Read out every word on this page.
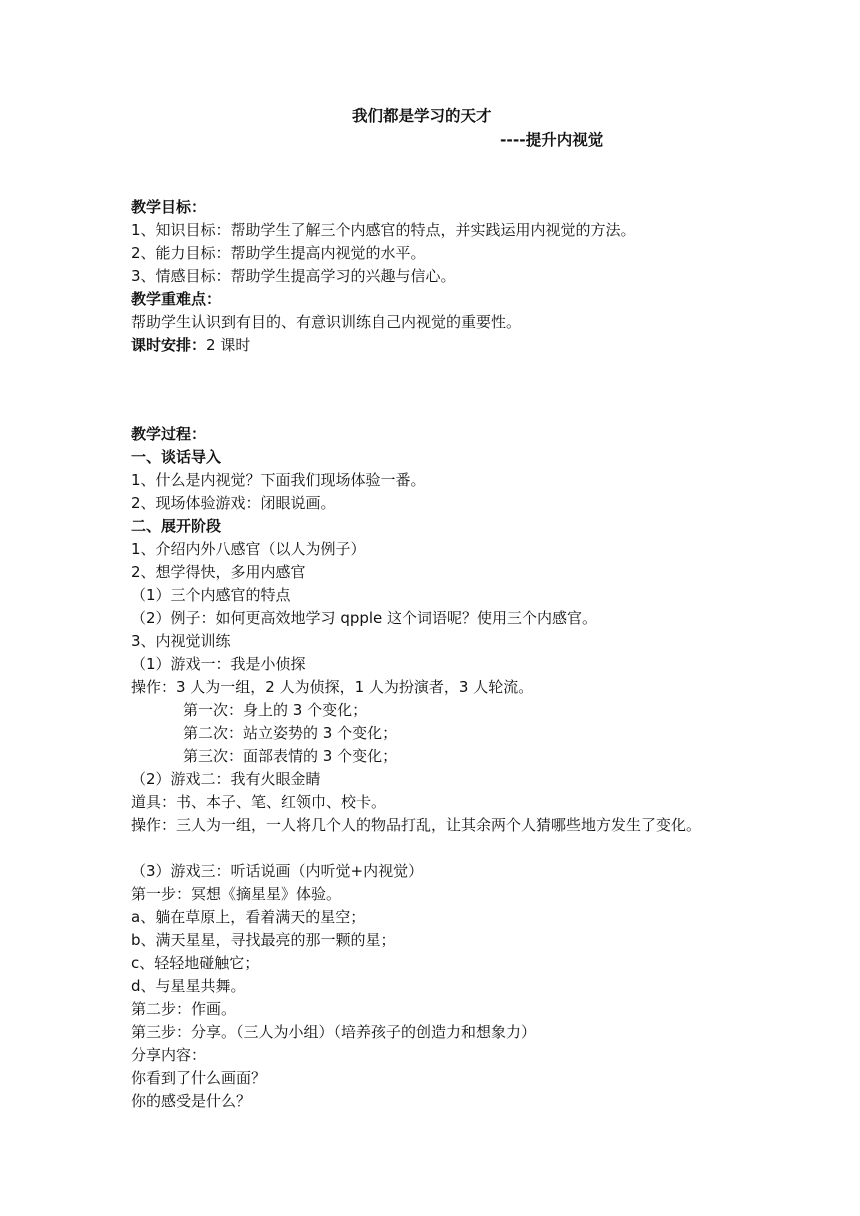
我们都是学习的天才
----提升内视觉
教学目标：
1、知识目标：帮助学生了解三个内感官的特点，并实践运用内视觉的方法。
2、能力目标：帮助学生提高内视觉的水平。
3、情感目标：帮助学生提高学习的兴趣与信心。
教学重难点：
帮助学生认识到有目的、有意识训练自己内视觉的重要性。
课时安排：2 课时
教学过程：
一、谈话导入
1、什么是内视觉？下面我们现场体验一番。
2、现场体验游戏：闭眼说画。
二、展开阶段
1、介绍内外八感官（以人为例子）
2、想学得快，多用内感官
（1）三个内感官的特点
（2）例子：如何更高效地学习 qpple 这个词语呢？使用三个内感官。
3、内视觉训练
（1）游戏一：我是小侦探
操作：3 人为一组，2 人为侦探，1 人为扮演者，3 人轮流。
第一次：身上的 3 个变化；
第二次：站立姿势的 3 个变化；
第三次：面部表情的 3 个变化；
（2）游戏二：我有火眼金睛
道具：书、本子、笔、红领巾、校卡。
操作：三人为一组，一人将几个人的物品打乱，让其余两个人猜哪些地方发生了变化。
（3）游戏三：听话说画（内听觉+内视觉）
第一步：冥想《摘星星》体验。
a、躺在草原上，看着满天的星空；
b、满天星星，寻找最亮的那一颗的星；
c、轻轻地碰触它；
d、与星星共舞。
第二步：作画。
第三步：分享。（三人为小组）（培养孩子的创造力和想象力）
分享内容：
你看到了什么画面？
你的感受是什么？
